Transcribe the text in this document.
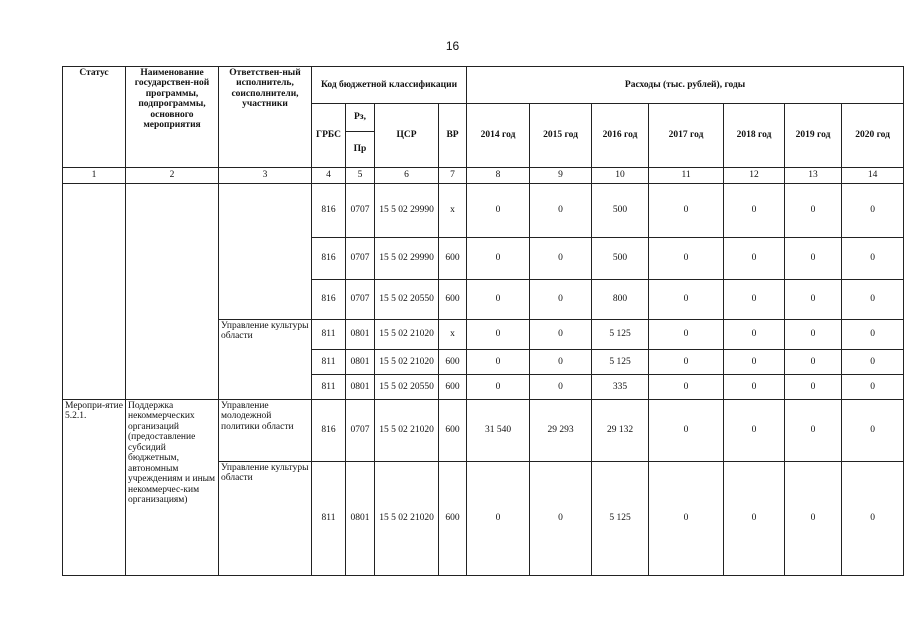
16
Статус	Наименование государствен-ной программы, подпрограммы, основного мероприятия	Ответствен-ный исполнитель, соисполнители, участники	Код бюджетной классификации				Расходы (тыс. рублей), годы						
			ГРБС	Рз,	ЦСР	ВР	2014 год	2015 год	2016 год	2017 год	2018 год	2019 год	2020 год
				Пр									
1	2	3	4	5	6	7	8	9	10	11	12	13	14
			816	0707	15 5 02 29990	x	0	0	500	0	0	0	0
			816	0707	15 5 02 29990	600	0	0	500	0	0	0	0
			816	0707	15 5 02 20550	600	0	0	800	0	0	0	0
		Управление культуры области	811	0801	15 5 02 21020	x	0	0	5 125	0	0	0	0
			811	0801	15 5 02 21020	600	0	0	5 125	0	0	0	0
			811	0801	15 5 02 20550	600	0	0	335	0	0	0	0
Меропри-ятие 5.2.1.	Поддержка некоммерческих организаций (предоставление субсидий бюджетным, автономным учреждениям и иным некоммерчес-ким организациям)	Управление молодежной политики области	816	0707	15 5 02 21020	600	31 540	29 293	29 132	0	0	0	0
		Управление культуры области	811	0801	15 5 02 21020	600	0	0	5 125	0	0	0	0
